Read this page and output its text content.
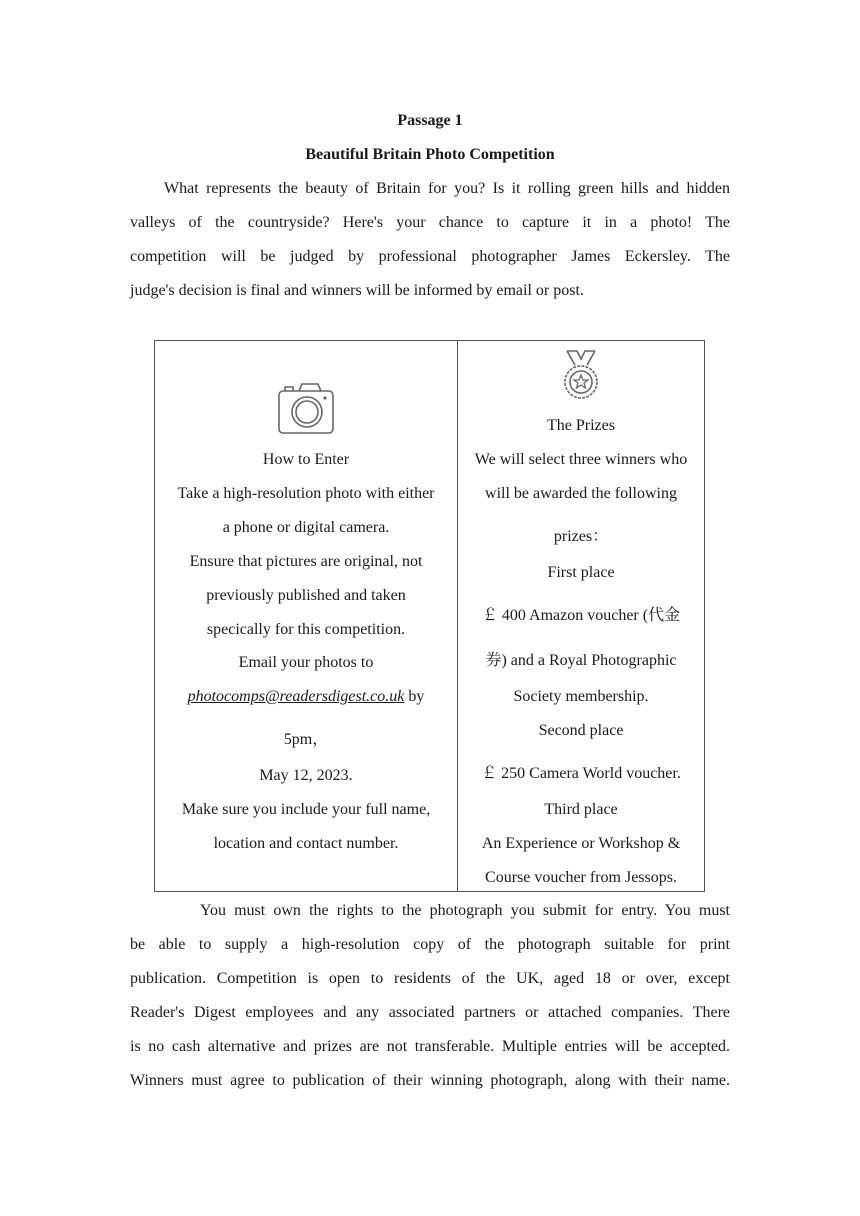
Passage 1
Beautiful Britain Photo Competition
What represents the beauty of Britain for you? Is it rolling green hills and hidden
valleys of the countryside? Here's your chance to capture it in a photo! The
competition will be judged by professional photographer James Eckersley. The
judge's decision is final and winners will be informed by email or post.
How to Enter
Take a high-resolution photo with either
a phone or digital camera.
Ensure that pictures are original, not
previously published and taken
specically for this competition.
Email your photos to
photocomps@readersdigest.co.uk by
5pm，
May 12, 2023.
Make sure you include your full name,
location and contact number.
The Prizes
We will select three winners who
will be awarded the following
prizes：
First place
￡ 400 Amazon voucher (代金
券) and a Royal Photographic
Society membership.
Second place
￡ 250 Camera World voucher.
Third place
An Experience or Workshop &
Course voucher from Jessops.
You must own the rights to the photograph you submit for entry. You must
be able to supply a high-resolution copy of the photograph suitable for print
publication. Competition is open to residents of the UK, aged 18 or over, except
Reader's Digest employees and any associated partners or attached companies. There
is no cash alternative and prizes are not transferable. Multiple entries will be accepted.
Winners must agree to publication of their winning photograph, along with their name.
